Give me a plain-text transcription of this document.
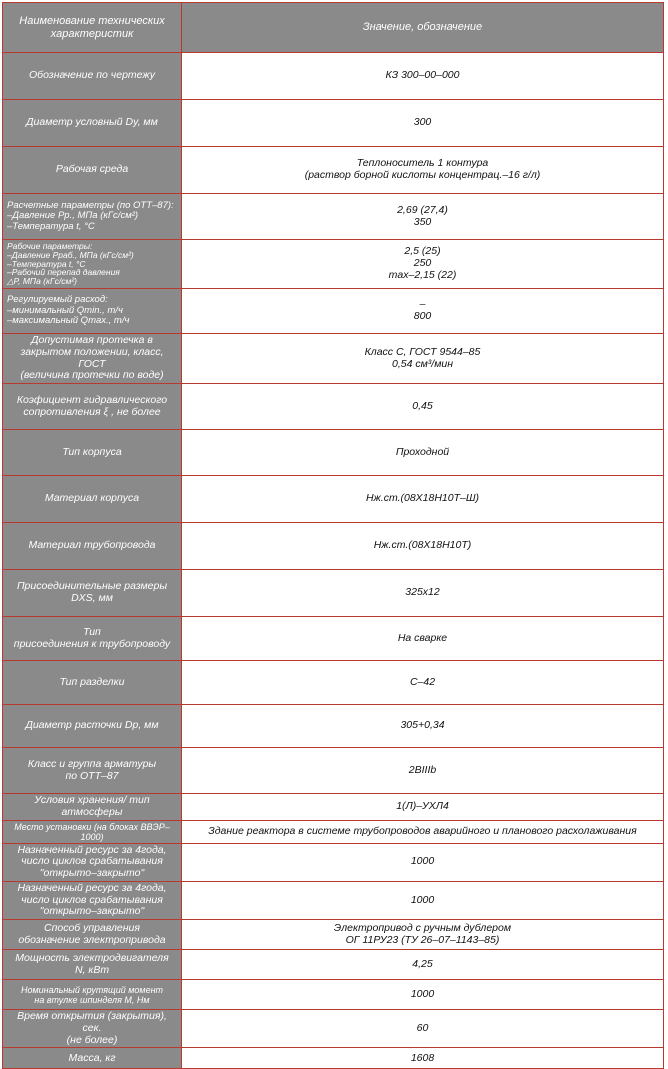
Наименование технических характеристик	Значение, обозначение

Обозначение по чертежу	КЗ 300–00–000

Диаметр условный Dy, мм	300

Рабочая среда	Теплоноситель 1 контура
(раствор борной кислоты концентрац.–16 г/л)

Расчетные параметры (по ОТТ–87):
–Давление Pр., МПа (кГс/см²)
–Температура t, °C	2,69 (27,4)
350

Рабочие параметры:
–Давление Pраб., МПа (кГс/см²)
–Температура t, °C
–Рабочий перепад давления
△P, МПа (кГс/см²)	2,5 (25)
250
max–2,15 (22)

Регулируемый расход:
–минимальный Qmin., т/ч
–максимальный Qmax., т/ч	–
800

Допустимая протечка в
закрытом положении, класс, ГОСТ
(величина протечки по воде)	Класс С, ГОСТ 9544–85
0,54 см³/мин

Коэфициент гидравлического
сопротивления ξ , не более	0,45

Тип корпуса	Проходной

Материал корпуса	Нж.ст.(08Х18Н10Т–Ш)

Материал трубопровода	Нж.ст.(08Х18Н10Т)

Присоединительные размеры
DXS, мм	325x12

Тип
присоединения к трубопроводу	На сварке

Тип разделки	С–42

Диаметр расточки Dр, мм	305+0,34

Класс и группа арматуры
по ОТТ–87	2BIIIb

Условия хранения/ тип атмосферы	1(Л)–УХЛ4

Место установки (на блоках ВВЭР–1000)	Здание реактора в системе трубопроводов аварийного и планового расхолаживания

Назначенный ресурс за 4года,
число циклов срабатывания
"открыто–закрыто"	1000

Назначенный ресурс за 4года,
число циклов срабатывания
"открыто–закрыто"	1000

Способ управления
обозначение электропривода	Электропривод с ручным дублером
ОГ 11РУ23 (ТУ 26–07–1143–85)

Мощность электродвигателя
N, кВт	4,25

Номинальный крутящий момент
на втулке шпинделя М, Нм	1000

Время открытия (закрытия), сек.
(не более)	60

Масса, кг	1608
